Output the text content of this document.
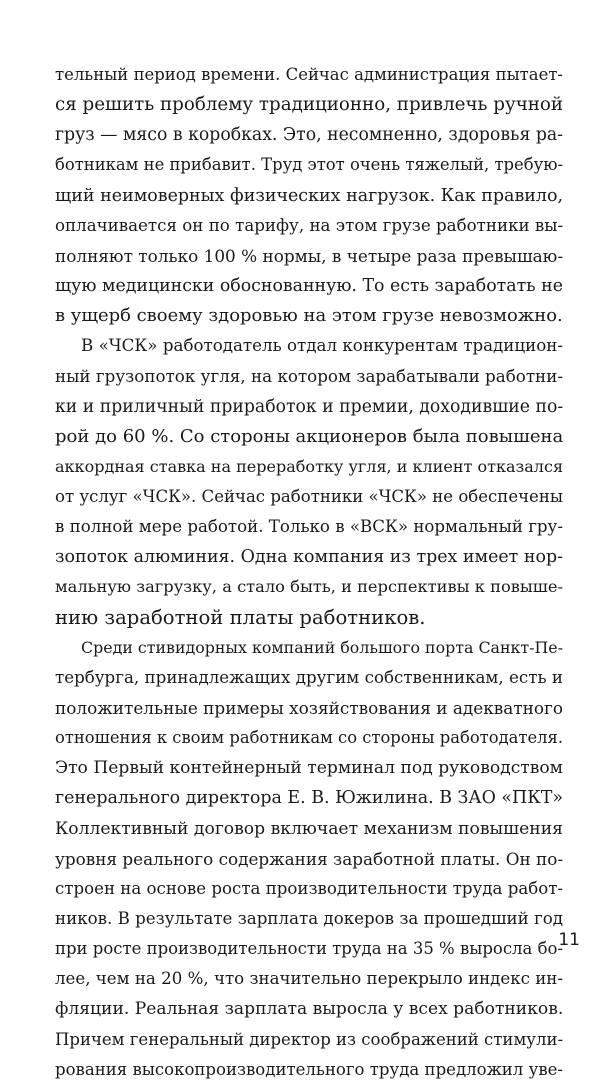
тельный период времени. Сейчас администрация пытает-
ся решить проблему традиционно, привлечь ручной
груз — мясо в коробках. Это, несомненно, здоровья ра-
ботникам не прибавит. Труд этот очень тяжелый, требую-
щий неимоверных физических нагрузок. Как правило,
оплачивается он по тарифу, на этом грузе работники вы-
полняют только 100 % нормы, в четыре раза превышаю-
щую медицински обоснованную. То есть заработать не
в ущерб своему здоровью на этом грузе невозможно.
В «ЧСК» работодатель отдал конкурентам традицион-
ный грузопоток угля, на котором зарабатывали работни-
ки и приличный приработок и премии, доходившие по-
рой до 60 %. Со стороны акционеров была повышена
аккордная ставка на переработку угля, и клиент отказался
от услуг «ЧСК». Сейчас работники «ЧСК» не обеспечены
в полной мере работой. Только в «ВСК» нормальный гру-
зопоток алюминия. Одна компания из трех имеет нор-
мальную загрузку, а стало быть, и перспективы к повыше-
нию заработной платы работников.
Среди стивидорных компаний большого порта Санкт-Пе-
тербурга, принадлежащих другим собственникам, есть и
положительные примеры хозяйствования и адекватного
отношения к своим работникам со стороны работодателя.
Это Первый контейнерный терминал под руководством
генерального директора Е. В. Южилина. В ЗАО «ПКТ»
Коллективный договор включает механизм повышения
уровня реального содержания заработной платы. Он по-
строен на основе роста производительности труда работ-
ников. В результате зарплата докеров за прошедший год
при росте производительности труда на 35 % выросла бо-
лее, чем на 20 %, что значительно перекрыло индекс ин-
фляции. Реальная зарплата выросла у всех работников.
Причем генеральный директор из соображений стимули-
рования высокопроизводительного труда предложил уве-
11
